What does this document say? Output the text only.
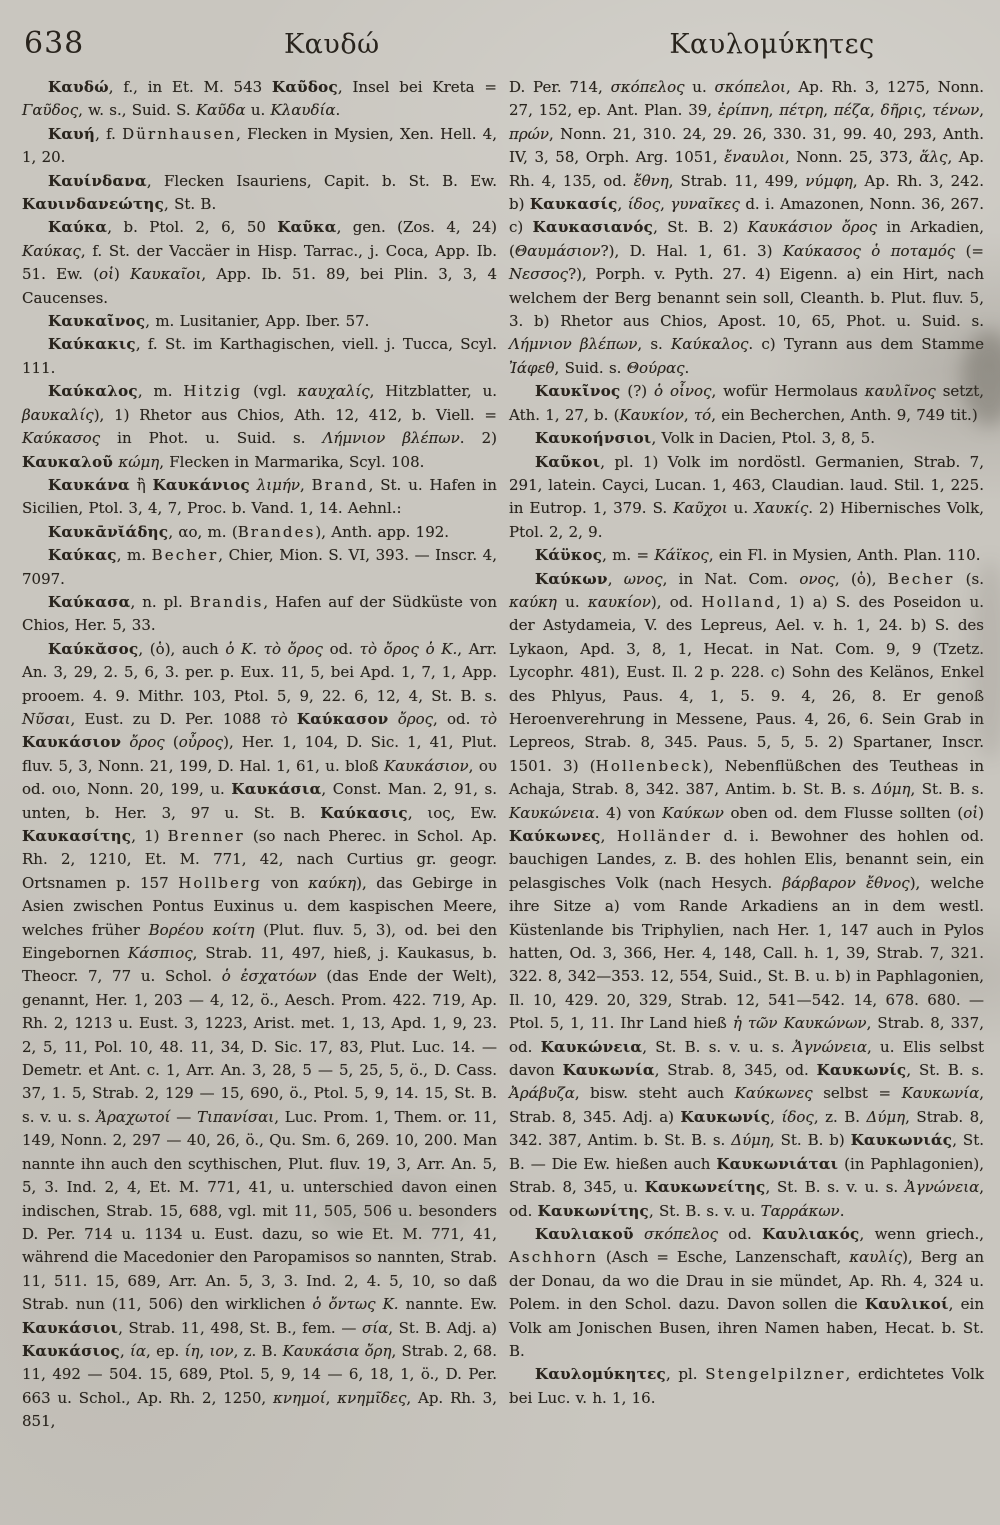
638	Καυδώ	Καυλομύκητες

Καυδώ, f., in Et. M. 543 Καῦδος, Insel bei Kreta = Γαῦδος, w. s., Suid. S. Καῦδα u. Κλαυδία.

Καυή, f. Dürnhausen, Flecken in Mysien, Xen. Hell. 4, 1, 20.

Καυίνδανα, Flecken Isauriens, Capit. b. St. B. Ew. Καυινδανεώτης, St. B.

Καύκα, b. Ptol. 2, 6, 50 Καῦκα, gen. (Zos. 4, 24) Καύκας, f. St. der Vaccäer in Hisp. Tarrac., j. Coca, App. Ib. 51. Ew. (οἱ) Καυκαῖοι, App. Ib. 51. 89, bei Plin. 3, 3, 4 Caucenses.

Καυκαῖνος, m. Lusitanier, App. Iber. 57.

Καύκακις, f. St. im Karthagischen, viell. j. Tucca, Scyl. 111.

Καύκαλος, m. Hitzig (vgl. καυχαλίς, Hitzblatter, u. βαυκαλίς), 1) Rhetor aus Chios, Ath. 12, 412, b. Viell. = Καύκασος in Phot. u. Suid. s. Λήμνιον βλέπων. 2) Καυκαλοῦ κώμη, Flecken in Marmarika, Scyl. 108.

Καυκάνα ἢ Καυκάνιος λιμήν, Brand, St. u. Hafen in Sicilien, Ptol. 3, 4, 7, Proc. b. Vand. 1, 14. Aehnl.:

Καυκᾱνῐάδης, αο, m. (Brandes), Anth. app. 192.

Καύκας, m. Becher, Chier, Mion. S. VI, 393. — Inscr. 4, 7097.

Καύκασα, n. pl. Brandis, Hafen auf der Südküste von Chios, Her. 5, 33.

Καύκᾰσος, (ὁ), auch ὁ Κ. τὸ ὄρος od. τὸ ὄρος ὁ Κ., Arr. An. 3, 29, 2. 5, 6, 3. per. p. Eux. 11, 5, bei Apd. 1, 7, 1, App. prooem. 4. 9. Mithr. 103, Ptol. 5, 9, 22. 6, 12, 4, St. B. s. Νῦσαι, Eust. zu D. Per. 1088 τὸ Καύκασον ὄρος, od. τὸ Καυκάσιον ὄρος (οὖρος), Her. 1, 104, D. Sic. 1, 41, Plut. fluv. 5, 3, Nonn. 21, 199, D. Hal. 1, 61, u. bloß Καυκάσιον, ου od. οιο, Nonn. 20, 199, u. Καυκάσια, Const. Man. 2, 91, s. unten, b. Her. 3, 97 u. St. B. Καύκασις, ιος, Ew. Καυκασίτης, 1) Brenner (so nach Pherec. in Schol. Ap. Rh. 2, 1210, Et. M. 771, 42, nach Curtius gr. geogr. Ortsnamen p. 157 Hollberg von καύκη), das Gebirge in Asien zwischen Pontus Euxinus u. dem kaspischen Meere, welches früher Βορέου κοίτη (Plut. fluv. 5, 3), od. bei den Eingebornen Κάσπιος, Strab. 11, 497, hieß, j. Kaukasus, b. Theocr. 7, 77 u. Schol. ὁ ἐσχατόων (das Ende der Welt), genannt, Her. 1, 203 — 4, 12, ö., Aesch. Prom. 422. 719, Ap. Rh. 2, 1213 u. Eust. 3, 1223, Arist. met. 1, 13, Apd. 1, 9, 23. 2, 5, 11, Pol. 10, 48. 11, 34, D. Sic. 17, 83, Plut. Luc. 14. — Demetr. et Ant. c. 1, Arr. An. 3, 28, 5 — 5, 25, 5, ö., D. Cass. 37, 1. 5, Strab. 2, 129 — 15, 690, ö., Ptol. 5, 9, 14. 15, St. B. s. v. u. s. Ἀραχωτοί — Τιπανίσαι, Luc. Prom. 1, Them. or. 11, 149, Nonn. 2, 297 — 40, 26, ö., Qu. Sm. 6, 269. 10, 200. Man nannte ihn auch den scythischen, Plut. fluv. 19, 3, Arr. An. 5, 5, 3. Ind. 2, 4, Et. M. 771, 41, u. unterschied davon einen indischen, Strab. 15, 688, vgl. mit 11, 505, 506 u. besonders D. Per. 714 u. 1134 u. Eust. dazu, so wie Et. M. 771, 41, während die Macedonier den Paropamisos so nannten, Strab. 11, 511. 15, 689, Arr. An. 5, 3, 3. Ind. 2, 4. 5, 10, so daß Strab. nun (11, 506) den wirklichen ὁ ὄντως Κ. nannte. Ew. Καυκάσιοι, Strab. 11, 498, St. B., fem. — σία, St. B. Adj. a) Καυκάσιος, ία, ep. ίη, ιον, z. B. Καυκάσια ὄρη, Strab. 2, 68. 11, 492 — 504. 15, 689, Ptol. 5, 9, 14 — 6, 18, 1, ö., D. Per. 663 u. Schol., Ap. Rh. 2, 1250, κνημοί, κνημῖδες, Ap. Rh. 3, 851,

D. Per. 714, σκόπελος u. σκόπελοι, Ap. Rh. 3, 1275, Nonn. 27, 152, ep. Ant. Plan. 39, ἐρίπνη, πέτρη, πέζα, δῆρις, τένων, πρών, Nonn. 21, 310. 24, 29. 26, 330. 31, 99. 40, 293, Anth. IV, 3, 58, Orph. Arg. 1051, ἔναυλοι, Nonn. 25, 373, ἅλς, Ap. Rh. 4, 135, od. ἔθνη, Strab. 11, 499, νύμφη, Ap. Rh. 3, 242. b) Καυκασίς, ίδος, γυναῖκες d. i. Amazonen, Nonn. 36, 267. c) Καυκασιανός, St. B. 2) Καυκάσιον ὄρος in Arkadien, (Θαυμάσιον?), D. Hal. 1, 61. 3) Καύκασος ὁ ποταμός (= Νεσσος?), Porph. v. Pyth. 27. 4) Eigenn. a) ein Hirt, nach welchem der Berg benannt sein soll, Cleanth. b. Plut. fluv. 5, 3. b) Rhetor aus Chios, Apost. 10, 65, Phot. u. Suid. s. Λήμνιον βλέπων, s. Καύκαλος. c) Tyrann aus dem Stamme Ἰάφεθ, Suid. s. Θούρας.

Καυκῖνος (?) ὁ οἶνος, wofür Hermolaus καυλῖνος setzt, Ath. 1, 27, b. (Καυκίον, τό, ein Becherchen, Anth. 9, 749 tit.)

Καυκοήνσιοι, Volk in Dacien, Ptol. 3, 8, 5.

Καῦκοι, pl. 1) Volk im nordöstl. Germanien, Strab. 7, 291, latein. Cayci, Lucan. 1, 463, Claudian. laud. Stil. 1, 225. in Eutrop. 1, 379. S. Καῦχοι u. Χαυκίς. 2) Hibernisches Volk, Ptol. 2, 2, 9.

Κάϋκος, m. = Κάϊκος, ein Fl. in Mysien, Anth. Plan. 110.

Καύκων, ωνος, in Nat. Com. ονος, (ὁ), Becher (s. καύκη u. καυκίον), od. Holland, 1) a) S. des Poseidon u. der Astydameia, V. des Lepreus, Ael. v. h. 1, 24. b) S. des Lykaon, Apd. 3, 8, 1, Hecat. in Nat. Com. 9, 9 (Tzetz. Lycophr. 481), Eust. Il. 2 p. 228. c) Sohn des Kelänos, Enkel des Phlyus, Paus. 4, 1, 5. 9. 4, 26, 8. Er genoß Heroenverehrung in Messene, Paus. 4, 26, 6. Sein Grab in Lepreos, Strab. 8, 345. Paus. 5, 5, 5. 2) Spartaner, Inscr. 1501. 3) (Hollenbeck), Nebenflüßchen des Teutheas in Achaja, Strab. 8, 342. 387, Antim. b. St. B. s. Δύμη, St. B. s. Καυκώνεια. 4) von Καύκων oben od. dem Flusse sollten (οἱ) Καύκωνες, Holländer d. i. Bewohner des hohlen od. bauchigen Landes, z. B. des hohlen Elis, benannt sein, ein pelasgisches Volk (nach Hesych. βάρβαρον ἔθνος), welche ihre Sitze a) vom Rande Arkadiens an in dem westl. Küstenlande bis Triphylien, nach Her. 1, 147 auch in Pylos hatten, Od. 3, 366, Her. 4, 148, Call. h. 1, 39, Strab. 7, 321. 322. 8, 342—353. 12, 554, Suid., St. B. u. b) in Paphlagonien, Il. 10, 429. 20, 329, Strab. 12, 541—542. 14, 678. 680. — Ptol. 5, 1, 11. Ihr Land hieß ἡ τῶν Καυκώνων, Strab. 8, 337, od. Καυκώνεια, St. B. s. v. u. s. Ἀγνώνεια, u. Elis selbst davon Καυκωνία, Strab. 8, 345, od. Καυκωνίς, St. B. s. Ἀράβυζα, bisw. steht auch Καύκωνες selbst = Καυκωνία, Strab. 8, 345. Adj. a) Καυκωνίς, ίδος, z. B. Δύμη, Strab. 8, 342. 387, Antim. b. St. B. s. Δύμη, St. B. b) Καυκωνιάς, St. B. — Die Ew. hießen auch Καυκωνιάται (in Paphlagonien), Strab. 8, 345, u. Καυκωνείτης, St. B. s. v. u. s. Ἀγνώνεια, od. Καυκωνίτης, St. B. s. v. u. Ταρράκων.

Καυλιακοῦ σκόπελος od. Καυλιακός, wenn griech., Aschhorn (Asch = Esche, Lanzenschaft, καυλίς), Berg an der Donau, da wo die Drau in sie mündet, Ap. Rh. 4, 324 u. Polem. in den Schol. dazu. Davon sollen die Καυλικοί, ein Volk am Jonischen Busen, ihren Namen haben, Hecat. b. St. B.

Καυλομύκητες, pl. Stengelpilzner, erdichtetes Volk bei Luc. v. h. 1, 16.
